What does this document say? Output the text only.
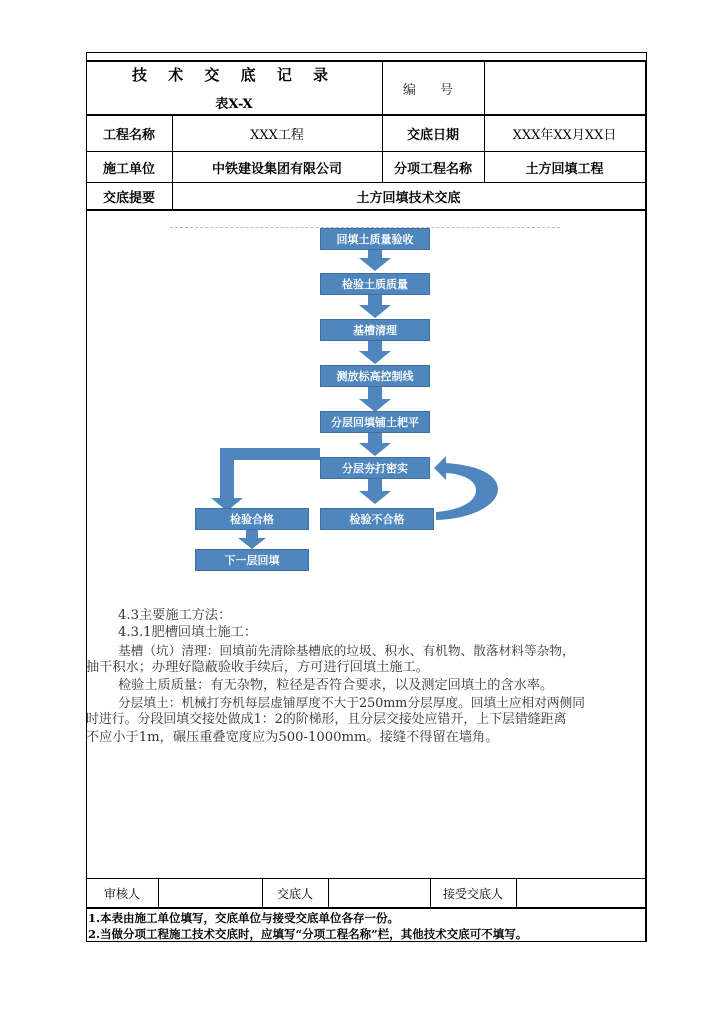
技 术 交 底 记 录
表X-X
编 号
工程名称	XXX工程	交底日期	XXX年XX月XX日
施工单位	中铁建设集团有限公司	分项工程名称	土方回填工程
交底提要	土方回填技术交底
回填土质量验收
检验土质质量
基槽清理
测放标高控制线
分层回填铺土耙平
分层夯打密实
检验合格	检验不合格
下一层回填

4.3主要施工方法：

4.3.1肥槽回填土施工：

基槽（坑）清理：回填前先清除基槽底的垃圾、积水、有机物、散落材料等杂物，

抽干积水；办理好隐蔽验收手续后，方可进行回填土施工。

检验土质质量：有无杂物，粒径是否符合要求，以及测定回填土的含水率。

分层填土：机械打夯机每层虚铺厚度不大于250mm分层厚度。回填土应相对两侧同

时进行。分段回填交接处做成1：2的阶梯形，且分层交接处应错开，上下层错缝距离

不应小于1m，碾压重叠宽度应为500-1000mm。接缝不得留在墙角。

审核人	交底人	接受交底人
1.本表由施工单位填写，交底单位与接受交底单位各存一份。
2.当做分项工程施工技术交底时，应填写“分项工程名称”栏，其他技术交底可不填写。
